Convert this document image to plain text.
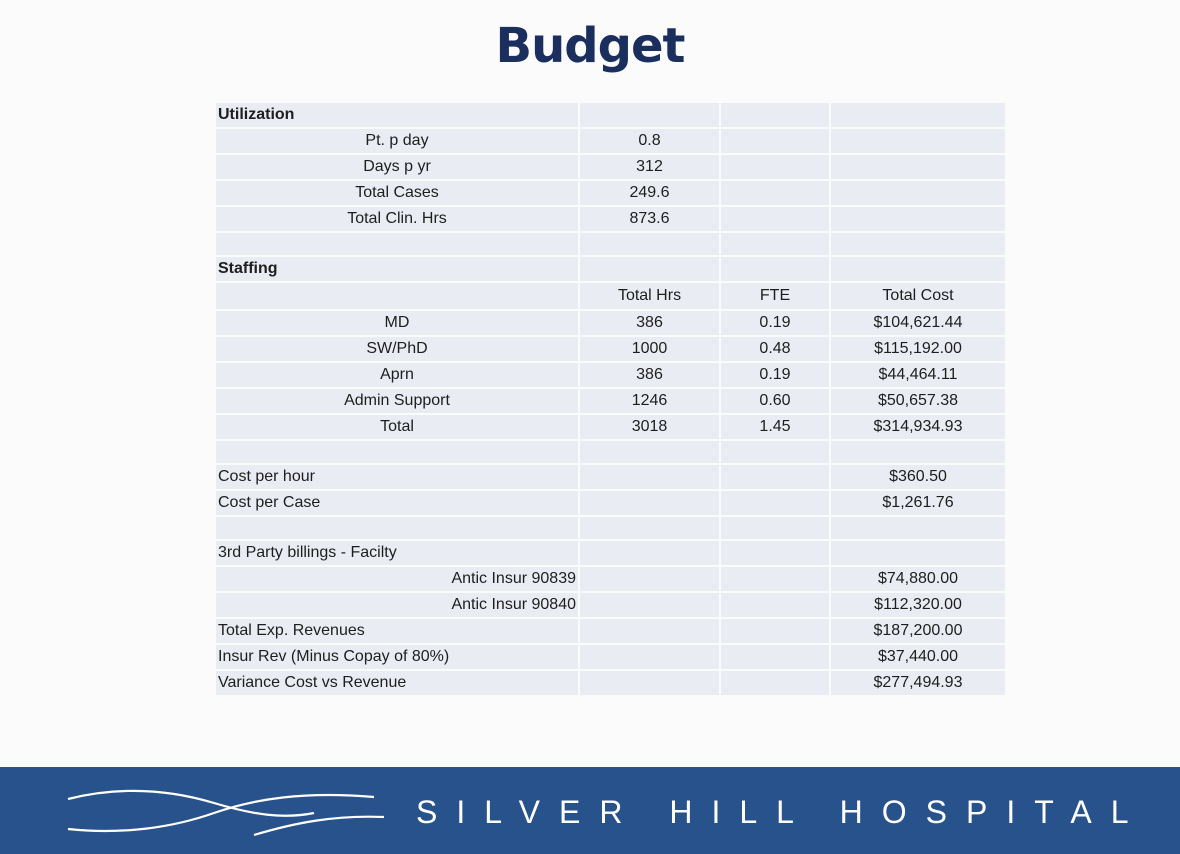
Budget
Utilization			
Pt. p day	0.8		
Days p yr	312		
Total Cases	249.6		
Total Clin. Hrs	873.6		

Staffing			
	Total Hrs	FTE	Total Cost
MD	386	0.19	$104,621.44
SW/PhD	1000	0.48	$115,192.00
Aprn	386	0.19	$44,464.11
Admin Support	1246	0.60	$50,657.38
Total	3018	1.45	$314,934.93

Cost per hour			$360.50
Cost per Case			$1,261.76

3rd Party billings - Facilty			
Antic Insur 90839			$74,880.00
Antic Insur 90840			$112,320.00
Total Exp. Revenues			$187,200.00
Insur Rev (Minus Copay of 80%)			$37,440.00
Variance Cost vs Revenue			$277,494.93
SILVER HILL HOSPITAL
